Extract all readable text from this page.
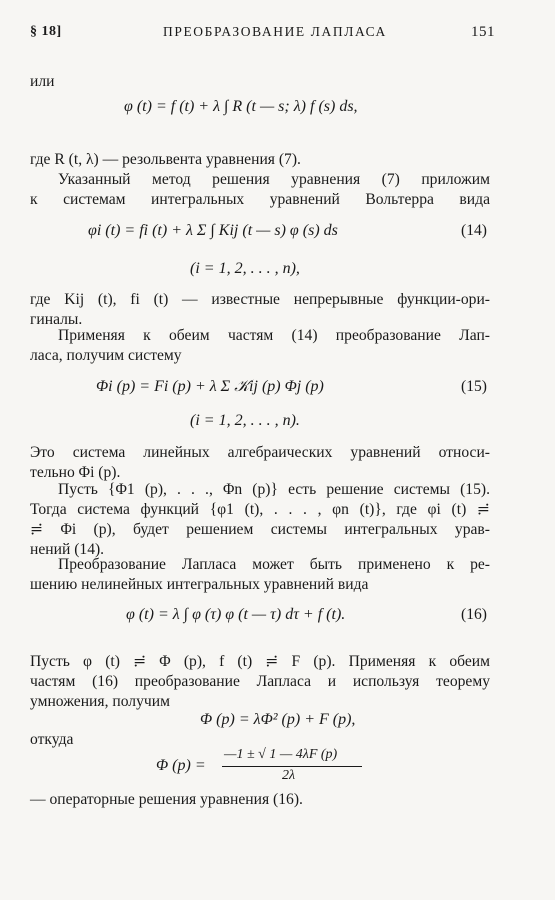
§ 18]	ПРЕОБРАЗОВАНИЕ ЛАПЛАСА	151
или
φ (t) = f (t) + λ ∫ R (t — s; λ) f (s) ds,
где R (t, λ) — резольвента уравнения (7).
Указанный метод решения уравнения (7) приложим
к системам интегральных уравнений Вольтерра вида
φi (t) = fi (t) + λ Σ ∫ Kij (t — s) φ (s) ds	(14)
(i = 1, 2, . . . , n),
где Kij (t), fi (t) — известные непрерывные функции-ори-
гиналы.
Применяя к обеим частям (14) преобразование Лап-
ласа, получим систему
Φi (p) = Fi (p) + λ Σ 𝒦ij (p) Φj (p)	(15)
(i = 1, 2, . . . , n).
Это система линейных алгебраических уравнений относи-
тельно Φi (p).
Пусть {Φ1 (p), . . ., Φn (p)} есть решение системы (15).
Тогда система функций {φ1 (t), . . . , φn (t)}, где φi (t) ≓
≓ Φi (p), будет решением системы интегральных урав-
нений (14).
Преобразование Лапласа может быть применено к ре-
шению нелинейных интегральных уравнений вида
φ (t) = λ ∫ φ (τ) φ (t — τ) dτ + f (t).	(16)
Пусть φ (t) ≓ Φ (p), f (t) ≓ F (p). Применяя к обеим
частям (16) преобразование Лапласа и используя теорему
умножения, получим
Φ (p) = λΦ² (p) + F (p),
откуда
Φ (p) =
—1 ± √ 1 — 4λF (p)
2λ
— операторные решения уравнения (16).
